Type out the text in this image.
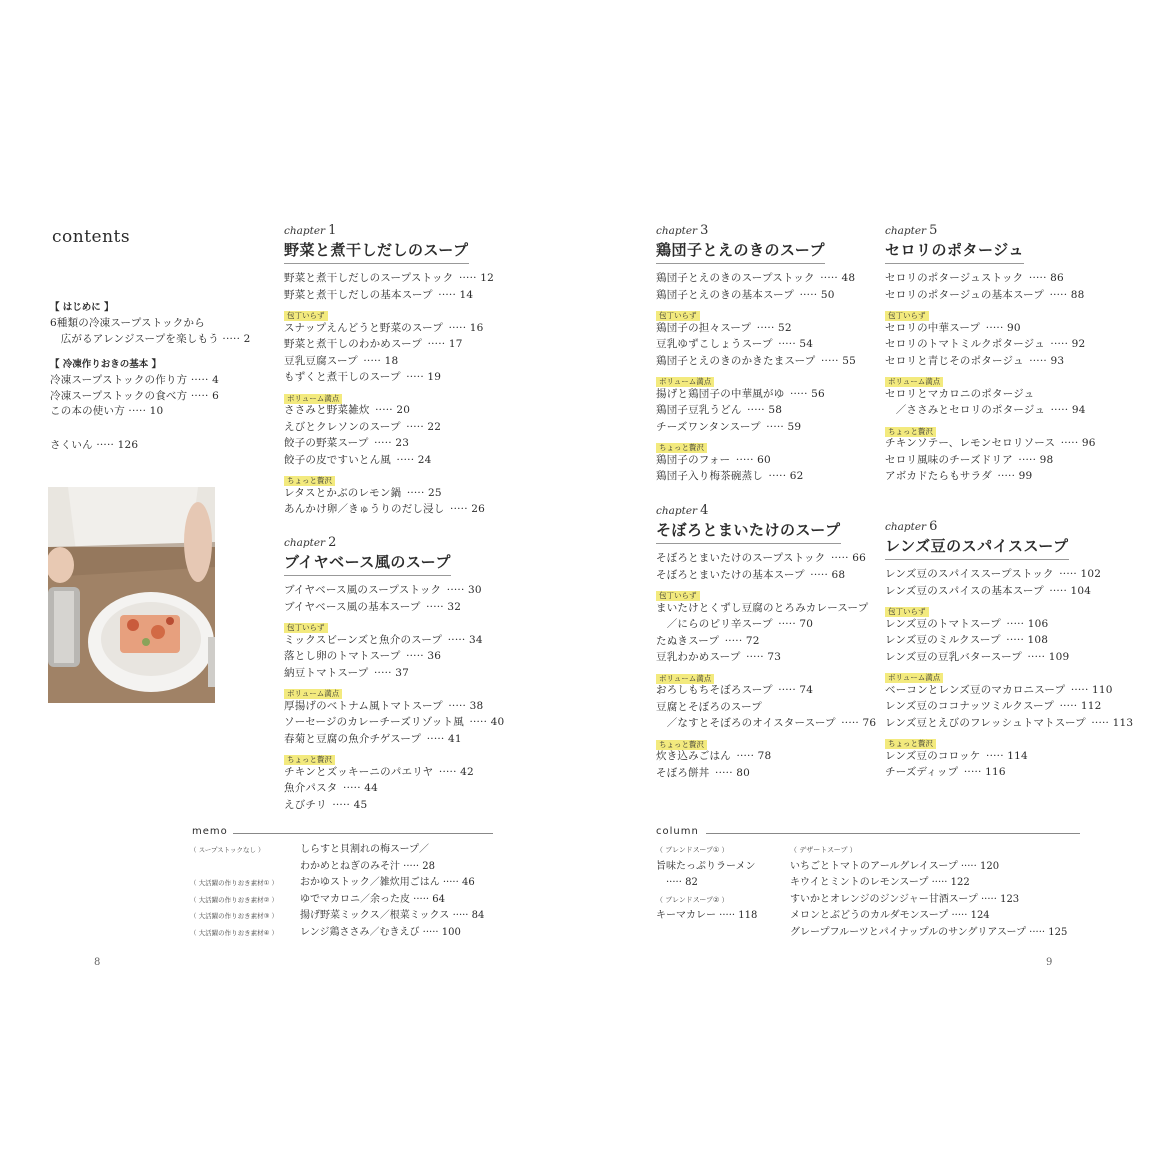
contents
【 はじめに 】
6種類の冷凍スープストックから
　広がるアレンジスープを楽しもう ····· 2
【 冷凍作りおきの基本 】
冷凍スープストックの作り方 ····· 4
冷凍スープストックの食べ方 ····· 6
この本の使い方 ····· 10
さくいん ····· 126
chapter 1
野菜と煮干しだしのスープ
野菜と煮干しだしのスープストック ····· 12
野菜と煮干しだしの基本スープ ····· 14
包丁いらず
スナップえんどうと野菜のスープ ····· 16
野菜と煮干しのわかめスープ ····· 17
豆乳豆腐スープ ····· 18
もずくと煮干しのスープ ····· 19
ボリューム満点
ささみと野菜雑炊 ····· 20
えびとクレソンのスープ ····· 22
餃子の野菜スープ ····· 23
餃子の皮ですいとん風 ····· 24
ちょっと贅沢
レタスとかぶのレモン鍋 ····· 25
あんかけ卵／きゅうりのだし浸し ····· 26
chapter 2
ブイヤベース風のスープ
ブイヤベース風のスープストック ····· 30
ブイヤベース風の基本スープ ····· 32
包丁いらず
ミックスビーンズと魚介のスープ ····· 34
落とし卵のトマトスープ ····· 36
納豆トマトスープ ····· 37
ボリューム満点
厚揚げのベトナム風トマトスープ ····· 38
ソーセージのカレーチーズリゾット風 ····· 40
春菊と豆腐の魚介チゲスープ ····· 41
ちょっと贅沢
チキンとズッキーニのパエリヤ ····· 42
魚介パスタ ····· 44
えびチリ ····· 45
chapter 3
鶏団子とえのきのスープ
鶏団子とえのきのスープストック ····· 48
鶏団子とえのきの基本スープ ····· 50
包丁いらず
鶏団子の担々スープ ····· 52
豆乳ゆずこしょうスープ ····· 54
鶏団子とえのきのかきたまスープ ····· 55
ボリューム満点
揚げと鶏団子の中華風がゆ ····· 56
鶏団子豆乳うどん ····· 58
チーズワンタンスープ ····· 59
ちょっと贅沢
鶏団子のフォー ····· 60
鶏団子入り梅茶碗蒸し ····· 62
chapter 4
そぼろとまいたけのスープ
そぼろとまいたけのスープストック ····· 66
そぼろとまいたけの基本スープ ····· 68
包丁いらず
まいたけとくずし豆腐のとろみカレースープ
　／にらのピリ辛スープ ····· 70
たぬきスープ ····· 72
豆乳わかめスープ ····· 73
ボリューム満点
おろしもちそぼろスープ ····· 74
豆腐とそぼろのスープ
　／なすとそぼろのオイスタースープ ····· 76
ちょっと贅沢
炊き込みごはん ····· 78
そぼろ餅丼 ····· 80
chapter 5
セロリのポタージュ
セロリのポタージュストック ····· 86
セロリのポタージュの基本スープ ····· 88
包丁いらず
セロリの中華スープ ····· 90
セロリのトマトミルクポタージュ ····· 92
セロリと青じそのポタージュ ····· 93
ボリューム満点
セロリとマカロニのポタージュ
　／ささみとセロリのポタージュ ····· 94
ちょっと贅沢
チキンソテー、レモンセロリソース ····· 96
セロリ風味のチーズドリア ····· 98
アボカドたらもサラダ ····· 99
chapter 6
レンズ豆のスパイススープ
レンズ豆のスパイススープストック ····· 102
レンズ豆のスパイスの基本スープ ····· 104
包丁いらず
レンズ豆のトマトスープ ····· 106
レンズ豆のミルクスープ ····· 108
レンズ豆の豆乳バタースープ ····· 109
ボリューム満点
ベーコンとレンズ豆のマカロニスープ ····· 110
レンズ豆のココナッツミルクスープ ····· 112
レンズ豆とえびのフレッシュトマトスープ ····· 113
ちょっと贅沢
レンズ豆のコロッケ ····· 114
チーズディップ ····· 116
memo
（ スープストックなし ）	しらすと貝割れの梅スープ／
わかめとねぎのみそ汁 ····· 28
（ 大活躍の作りおき素材① ） おかゆストック／雑炊用ごはん ····· 46
（ 大活躍の作りおき素材② ） ゆでマカロニ／余った皮 ····· 64
（ 大活躍の作りおき素材③ ） 揚げ野菜ミックス／根菜ミックス ····· 84
（ 大活躍の作りおき素材④ ） レンジ鶏ささみ／むきえび ····· 100
column
（ ブレンドスープ① ）
旨味たっぷりラーメン
　····· 82
（ ブレンドスープ② ）
キーマカレー ····· 118
（ デザートスープ ）
いちごとトマトのアールグレイスープ ····· 120
キウイとミントのレモンスープ ····· 122
すいかとオレンジのジンジャー甘酒スープ ····· 123
メロンとぶどうのカルダモンスープ ····· 124
グレープフルーツとパイナップルのサングリアスープ ····· 125
8	9
